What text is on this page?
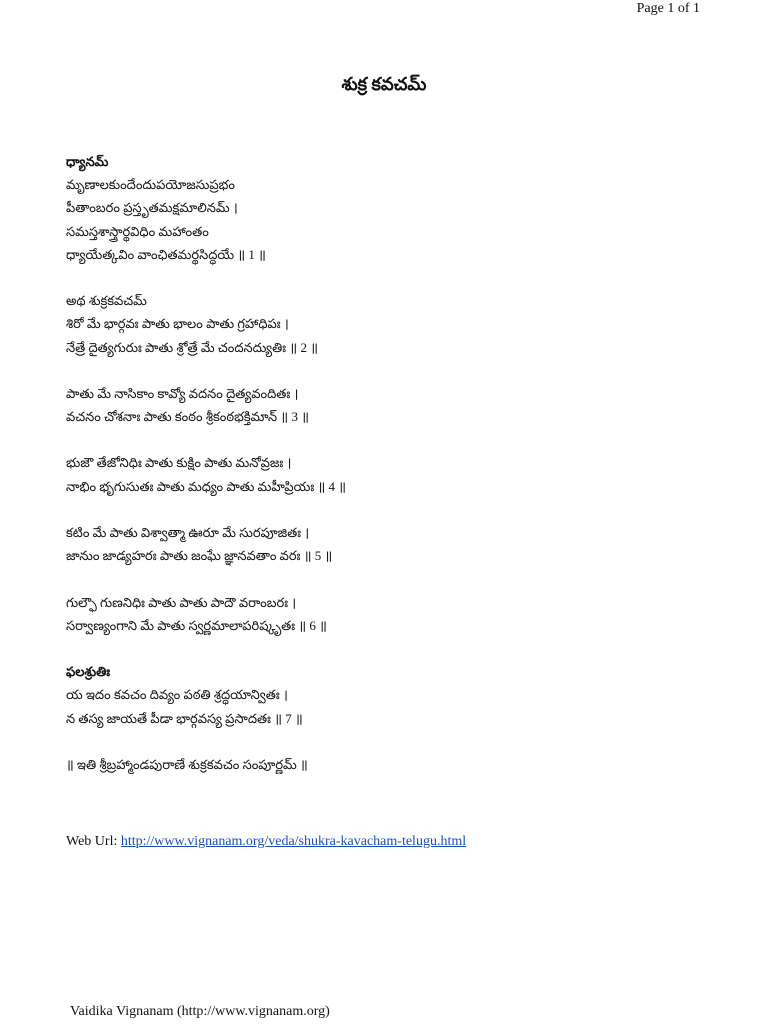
Page 1 of 1
శుక్ర కవచమ్
ధ్యానమ్
మృణాలకుందేందుపయోజసుప్రభం
పీతాంబరం ప్రస్తృతమక్షమాలినమ్ ।
సమస్తశాస్త్రార్థవిధిం మహాంతం
ధ్యాయేత్కవిం వాంఛితమర్థసిద్ధయే ॥ 1 ॥
అథ శుక్రకవచమ్
శిరో మే భార్గవః పాతు భాలం పాతు గ్రహాధిపః ।
నేత్రే దైత్యగురుః పాతు శ్రోత్రే మే చందనద్యుతిః ॥ 2 ॥
పాతు మే నాసికాం కావ్యో వదనం దైత్యవందితః ।
వచనం చోశనాః పాతు కంఠం శ్రీకంఠభక్తిమాన్ ॥ 3 ॥
భుజౌ తేజోనిధిః పాతు కుక్షిం పాతు మనోవ్రజః ।
నాభిం భృగుసుతః పాతు మధ్యం పాతు మహీప్రియః ॥ 4 ॥
కటిం మే పాతు విశ్వాత్మా ఊరూ మే సురపూజితః ।
జానుం జాడ్యహరః పాతు జంఘే జ్ఞానవతాం వరః ॥ 5 ॥
గుల్ఫౌ గుణనిధిః పాతు పాతు పాదౌ వరాంబరః ।
సర్వాణ్యంగాని మే పాతు స్వర్ణమాలాపరిష్కృతః ॥ 6 ॥
ఫలశ్రుతిః
య ఇదం కవచం దివ్యం పఠతి శ్రద్ధయాన్వితః ।
న తస్య జాయతే పీడా భార్గవస్య ప్రసాదతః ॥ 7 ॥
॥ ఇతి శ్రీబ్రహ్మాండపురాణే శుక్రకవచం సంపూర్ణమ్ ॥
Web Url: http://www.vignanam.org/veda/shukra-kavacham-telugu.html
Vaidika Vignanam (http://www.vignanam.org)
